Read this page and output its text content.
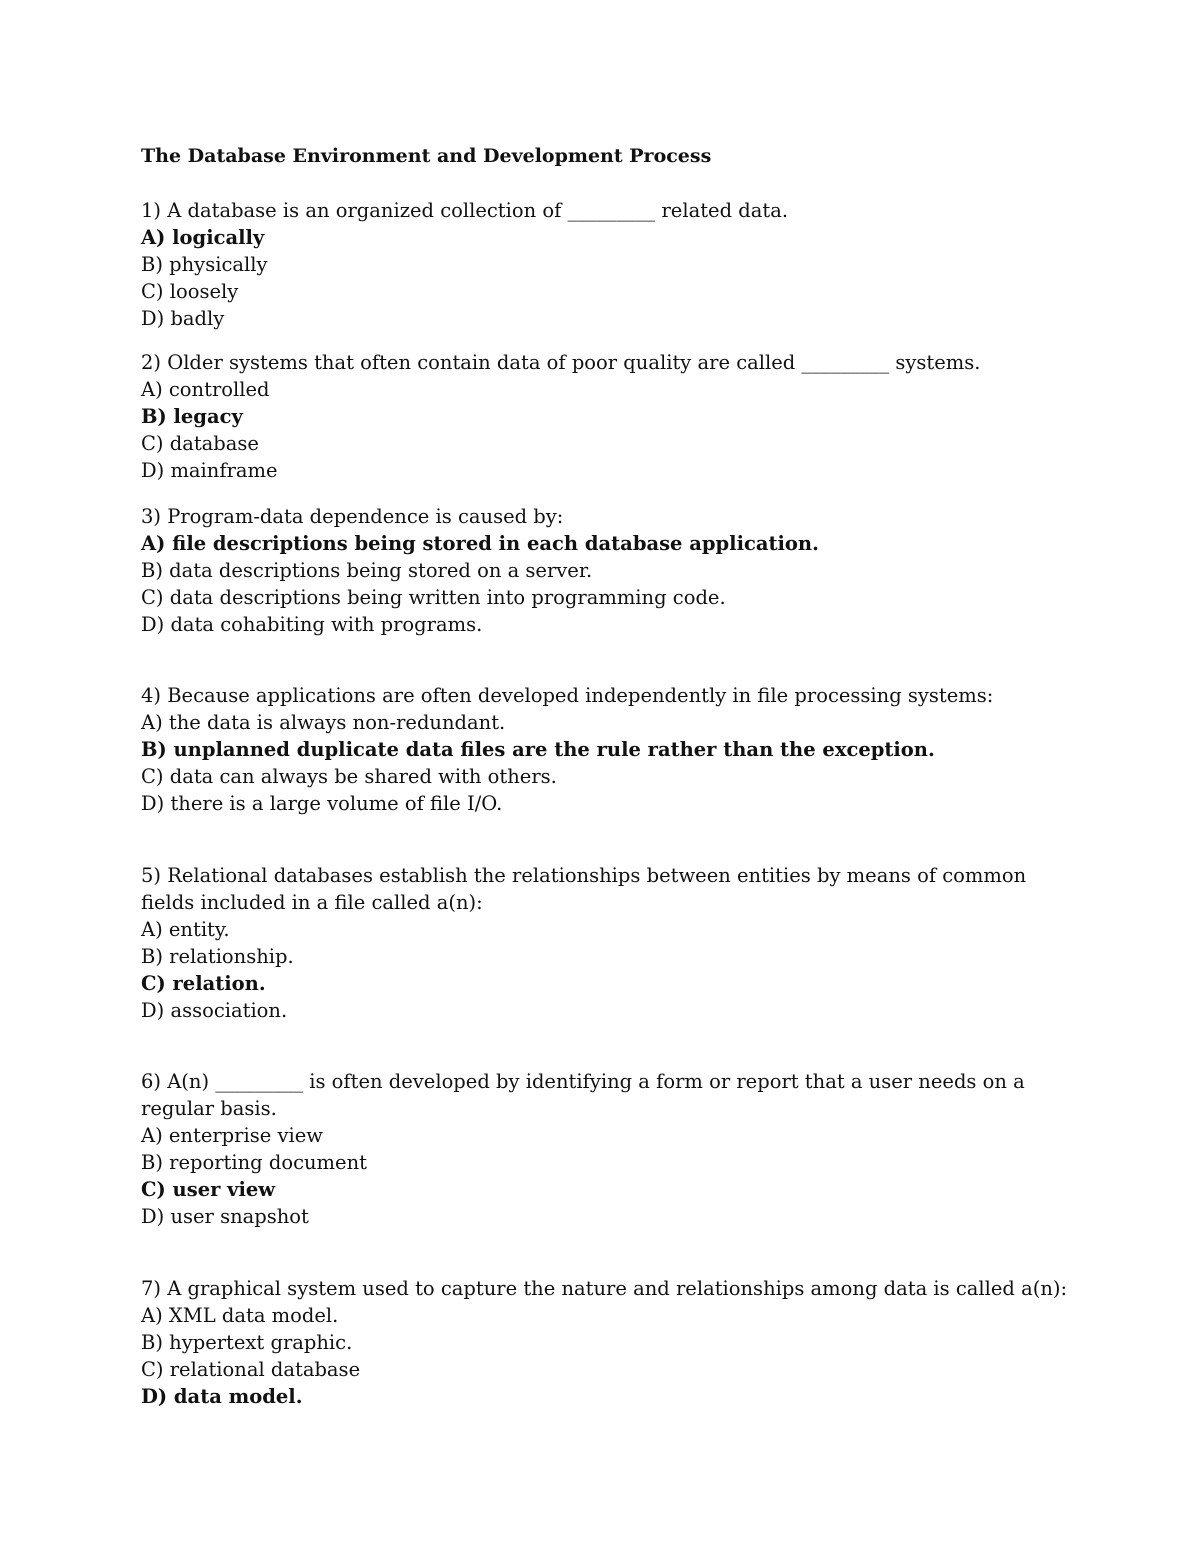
The Database Environment and Development Process

1) A database is an organized collection of _________ related data.

A) logically

B) physically

C) loosely

D) badly

2) Older systems that often contain data of poor quality are called _________ systems.

A) controlled

B) legacy

C) database

D) mainframe

3) Program-data dependence is caused by:

A) file descriptions being stored in each database application.

B) data descriptions being stored on a server.

C) data descriptions being written into programming code.

D) data cohabiting with programs.

4) Because applications are often developed independently in file processing systems:

A) the data is always non-redundant.

B) unplanned duplicate data files are the rule rather than the exception.

C) data can always be shared with others.

D) there is a large volume of file I/O.

5) Relational databases establish the relationships between entities by means of common fields included in a file called a(n):

A) entity.

B) relationship.

C) relation.

D) association.

6) A(n) _________ is often developed by identifying a form or report that a user needs on a regular basis.

A) enterprise view

B) reporting document

C) user view

D) user snapshot

7) A graphical system used to capture the nature and relationships among data is called a(n):

A) XML data model.

B) hypertext graphic.

C) relational database

D) data model.
